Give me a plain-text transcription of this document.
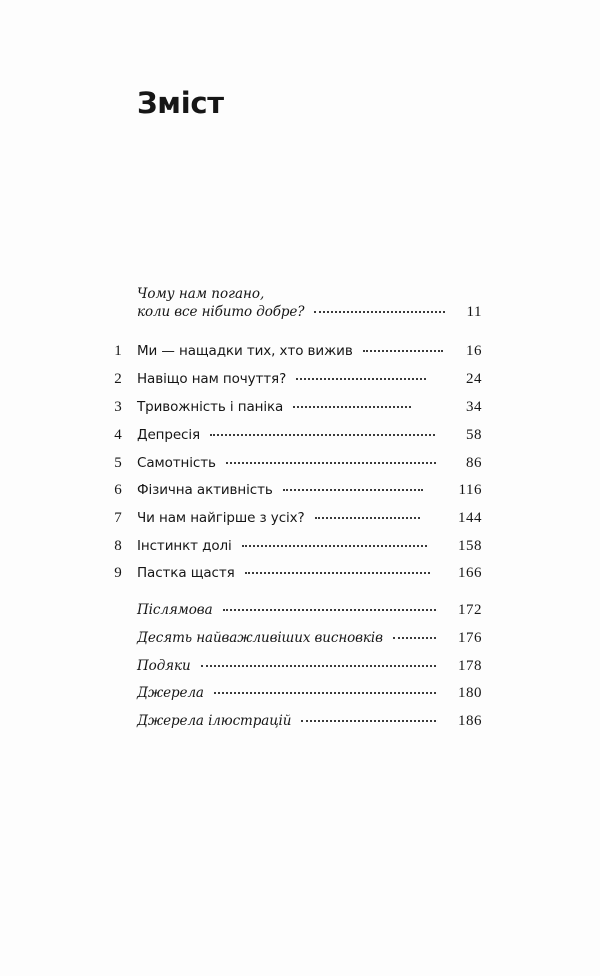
Зміст
Чому нам погано,
коли все нібито добре?	11
1 Ми — нащадки тих, хто вижив	16
2 Навіщо нам почуття?	24
3 Тривожність і паніка	34
4 Депресія	58
5 Самотність	86
6 Фізична активність	116
7 Чи нам найгірше з усіх?	144
8 Інстинкт долі	158
9 Пастка щастя	166
Післямова	172
Десять найважливіших висновків	176
Подяки	178
Джерела	180
Джерела ілюстрацій	186
